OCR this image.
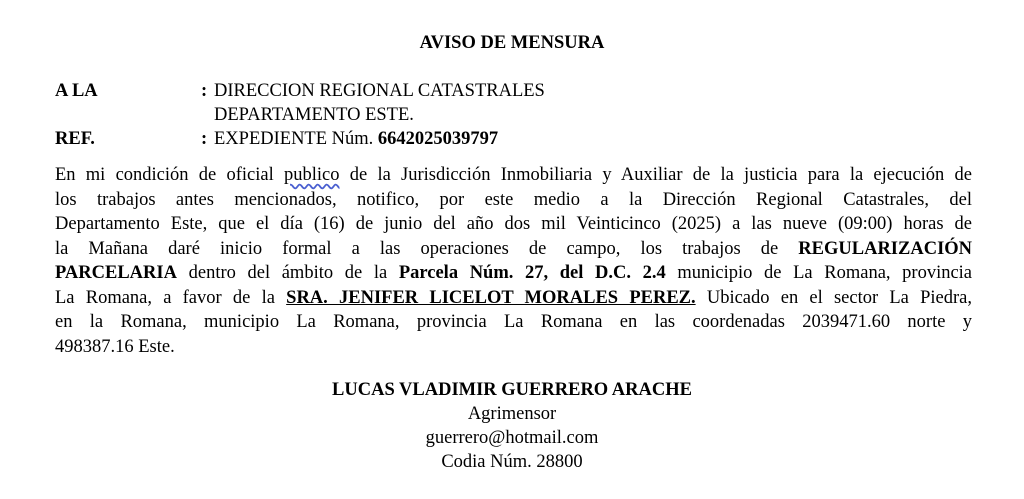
AVISO DE MENSURA
A LA	: DIRECCION REGIONAL CATASTRALES
DEPARTAMENTO ESTE.
REF.	: EXPEDIENTE Núm. 6642025039797
En mi condición de oficial publico de la Jurisdicción Inmobiliaria y Auxiliar de la justicia para la ejecución de
los trabajos antes mencionados, notifico, por este medio a la Dirección Regional Catastrales, del
Departamento Este, que el día (16) de junio del año dos mil Veinticinco (2025) a las nueve (09:00) horas de
la Mañana daré inicio formal a las operaciones de campo, los trabajos de REGULARIZACIÓN
PARCELARIA dentro del ámbito de la Parcela Núm. 27, del D.C. 2.4 municipio de La Romana, provincia
La Romana, a favor de la SRA. JENIFER LICELOT MORALES PEREZ. Ubicado en el sector La Piedra,
en la Romana, municipio La Romana, provincia La Romana en las coordenadas 2039471.60 norte y
498387.16 Este.
LUCAS VLADIMIR GUERRERO ARACHE
Agrimensor
guerrero@hotmail.com
Codia Núm. 28800
